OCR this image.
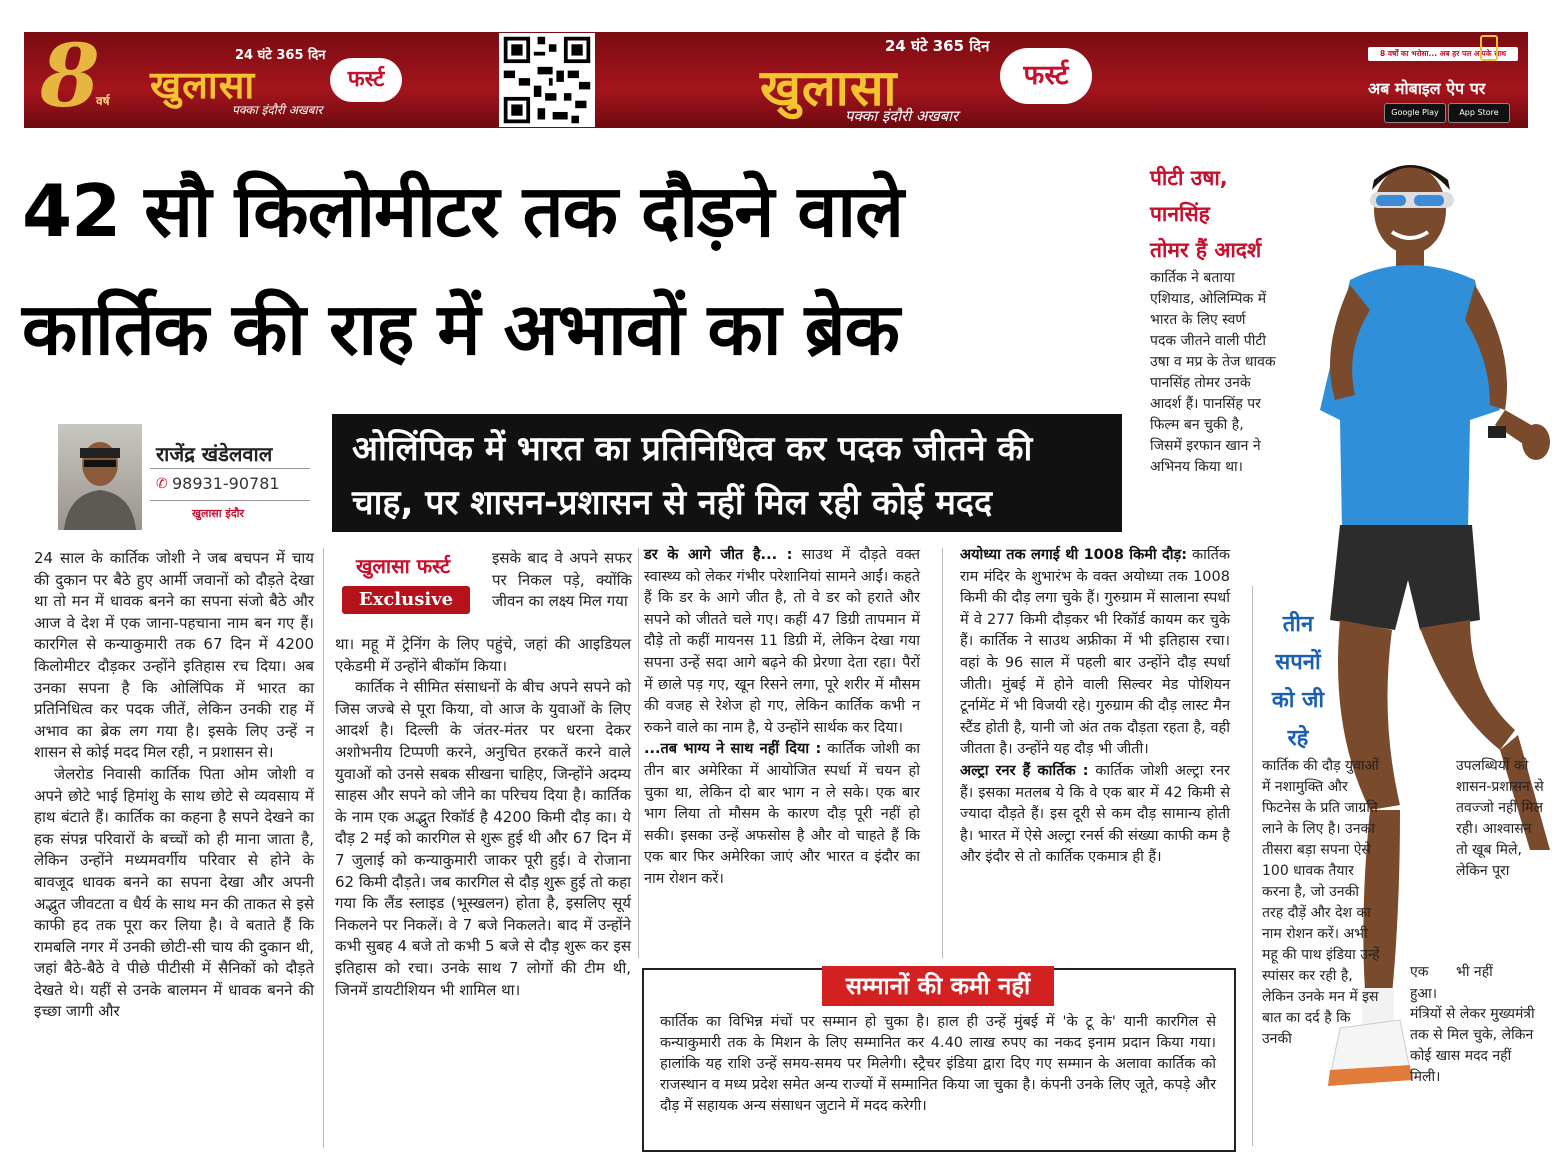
8
वर्ष
24 घंटे 365 दिन
खुलासा	फर्स्ट
पक्का इंदौरी अखबार
24 घंटे 365 दिन
खुलासा	फर्स्ट
पक्का इंदौरी अखबार
8 वर्षों का भरोसा... अब हर पल आपके साथ
अब मोबाइल ऐप पर
Google Play	App Store
42 सौ किलोमीटर तक दौड़ने वाले
कार्तिक की राह में अभावों का ब्रेक
ओलिंपिक में भारत का प्रतिनिधित्व कर पदक जीतने की
चाह, पर शासन-प्रशासन से नहीं मिल रही कोई मदद
राजेंद्र खंडेलवाल
✆ 98931-90781
खुलासा इंदौर

24 साल के कार्तिक जोशी ने जब बचपन में चाय की दुकान पर बैठे हुए आर्मी जवानों को दौड़ते देखा था तो मन में धावक बनने का सपना संजो बैठे और आज वे देश में एक जाना-पहचाना नाम बन गए हैं। कारगिल से कन्याकुमारी तक 67 दिन में 4200 किलोमीटर दौड़कर उन्होंने इतिहास रच दिया। अब उनका सपना है कि ओलिंपिक में भारत का प्रतिनिधित्व कर पदक जीतें, लेकिन उनकी राह में अभाव का ब्रेक लग गया है। इसके लिए उन्हें न शासन से कोई मदद मिल रही, न प्रशासन से।

जेलरोड निवासी कार्तिक पिता ओम जोशी व अपने छोटे भाई हिमांशु के साथ छोटे से व्यवसाय में हाथ बंटाते हैं। कार्तिक का कहना है सपने देखने का हक संपन्न परिवारों के बच्चों को ही माना जाता है, लेकिन उन्होंने मध्यमवर्गीय परिवार से होने के बावजूद धावक बनने का सपना देखा और अपनी अद्भुत जीवटता व धैर्य के साथ मन की ताकत से इसे काफी हद तक पूरा कर लिया है। वे बताते हैं कि रामबलि नगर में उनकी छोटी-सी चाय की दुकान थी, जहां बैठे-बैठे वे पीछे पीटीसी में सैनिकों को दौड़ते देखते थे। यहीं से उनके बालमन में धावक बनने की इच्छा जागी और

खुलासा फर्स्ट
Exclusive
इसके बाद वे अपने सफर पर निकल पड़े, क्योंकि जीवन का लक्ष्य मिल गया

था। महू में ट्रेनिंग के लिए पहुंचे, जहां की आइडियल एकेडमी में उन्होंने बीकॉम किया।

कार्तिक ने सीमित संसाधनों के बीच अपने सपने को जिस जज्बे से पूरा किया, वो आज के युवाओं के लिए आदर्श है। दिल्ली के जंतर-मंतर पर धरना देकर अशोभनीय टिप्पणी करने, अनुचित हरकतें करने वाले युवाओं को उनसे सबक सीखना चाहिए, जिन्होंने अदम्य साहस और सपने को जीने का परिचय दिया है। कार्तिक के नाम एक अद्भुत रिकॉर्ड है 4200 किमी दौड़ का। ये दौड़ 2 मई को कारगिल से शुरू हुई थी और 67 दिन में 7 जुलाई को कन्याकुमारी जाकर पूरी हुई। वे रोजाना 62 किमी दौड़ते। जब कारगिल से दौड़ शुरू हुई तो कहा गया कि लैंड स्लाइड (भूस्खलन) होता है, इसलिए सूर्य निकलने पर निकलें। वे 7 बजे निकलते। बाद में उन्होंने कभी सुबह 4 बजे तो कभी 5 बजे से दौड़ शुरू कर इस इतिहास को रचा। उनके साथ 7 लोगों की टीम थी, जिनमें डायटीशियन भी शामिल था।

डर के आगे जीत है... : साउथ में दौड़ते वक्त स्वास्थ्य को लेकर गंभीर परेशानियां सामने आईं। कहते हैं कि डर के आगे जीत है, तो वे डर को हराते और सपने को जीतते चले गए। कहीं 47 डिग्री तापमान में दौड़े तो कहीं मायनस 11 डिग्री में, लेकिन देखा गया सपना उन्हें सदा आगे बढ़ने की प्रेरणा देता रहा। पैरों में छाले पड़ गए, खून रिसने लगा, पूरे शरीर में मौसम की वजह से रेशेज हो गए, लेकिन कार्तिक कभी न रुकने वाले का नाम है, ये उन्होंने सार्थक कर दिया।

...तब भाग्य ने साथ नहीं दिया : कार्तिक जोशी का तीन बार अमेरिका में आयोजित स्पर्धा में चयन हो चुका था, लेकिन दो बार भाग न ले सके। एक बार भाग लिया तो मौसम के कारण दौड़ पूरी नहीं हो सकी। इसका उन्हें अफसोस है और वो चाहते हैं कि एक बार फिर अमेरिका जाएं और भारत व इंदौर का नाम रोशन करें।

अयोध्या तक लगाई थी 1008 किमी दौड़: कार्तिक राम मंदिर के शुभारंभ के वक्त अयोध्या तक 1008 किमी की दौड़ लगा चुके हैं। गुरुग्राम में सालाना स्पर्धा में वे 277 किमी दौड़कर भी रिकॉर्ड कायम कर चुके हैं। कार्तिक ने साउथ अफ्रीका में भी इतिहास रचा। वहां के 96 साल में पहली बार उन्होंने दौड़ स्पर्धा जीती। मुंबई में होने वाली सिल्वर मेड पोशियन टूर्नामेंट में भी विजयी रहे। गुरुग्राम की दौड़ लास्ट मैन स्टैंड होती है, यानी जो अंत तक दौड़ता रहता है, वही जीतता है। उन्होंने यह दौड़ भी जीती।

अल्ट्रा रनर हैं कार्तिक : कार्तिक जोशी अल्ट्रा रनर हैं। इसका मतलब ये कि वे एक बार में 42 किमी से ज्यादा दौड़ते हैं। इस दूरी से कम दौड़ सामान्य होती है। भारत में ऐसे अल्ट्रा रनर्स की संख्या काफी कम है और इंदौर से तो कार्तिक एकमात्र ही हैं।

पीटी उषा,
पानसिंह
तोमर हैं आदर्श
कार्तिक ने बताया एशियाड, ओलिम्पिक में भारत के लिए स्वर्ण पदक जीतने वाली पीटी उषा व मप्र के तेज धावक पानसिंह तोमर उनके आदर्श हैं। पानसिंह पर फिल्म बन चुकी है, जिसमें इरफान खान ने अभिनय किया था।
तीन
सपनों
को जी
रहे
कार्तिक की दौड़ युवाओं में नशामुक्ति और फिटनेस के प्रति जाग्रति लाने के लिए है। उनका तीसरा बड़ा सपना ऐसे 100 धावक तैयार करना है, जो उनकी तरह दौड़ें और देश का नाम रोशन करें। अभी महू की पाथ इंडिया उन्हें स्पांसर कर रही है, लेकिन उनके मन में इस बात का दर्द है कि उनकी
उपलब्धियों को शासन-प्रशासन से तवज्जो नहीं मिल रही। आश्वासन तो खूब मिले, लेकिन पूरा
एक	भी नहीं
हुआ।
मंत्रियों से लेकर मुख्यमंत्री तक से मिल चुके, लेकिन कोई खास मदद नहीं मिली।
सम्मानों की कमी नहीं
कार्तिक का विभिन्न मंचों पर सम्मान हो चुका है। हाल ही उन्हें मुंबई में 'के टू के' यानी कारगिल से कन्याकुमारी तक के मिशन के लिए सम्मानित कर 4.40 लाख रुपए का नकद इनाम प्रदान किया गया। हालांकि यह राशि उन्हें समय-समय पर मिलेगी। स्ट्रैचर इंडिया द्वारा दिए गए सम्मान के अलावा कार्तिक को राजस्थान व मध्य प्रदेश समेत अन्य राज्यों में सम्मानित किया जा चुका है। कंपनी उनके लिए जूते, कपड़े और दौड़ में सहायक अन्य संसाधन जुटाने में मदद करेगी।
